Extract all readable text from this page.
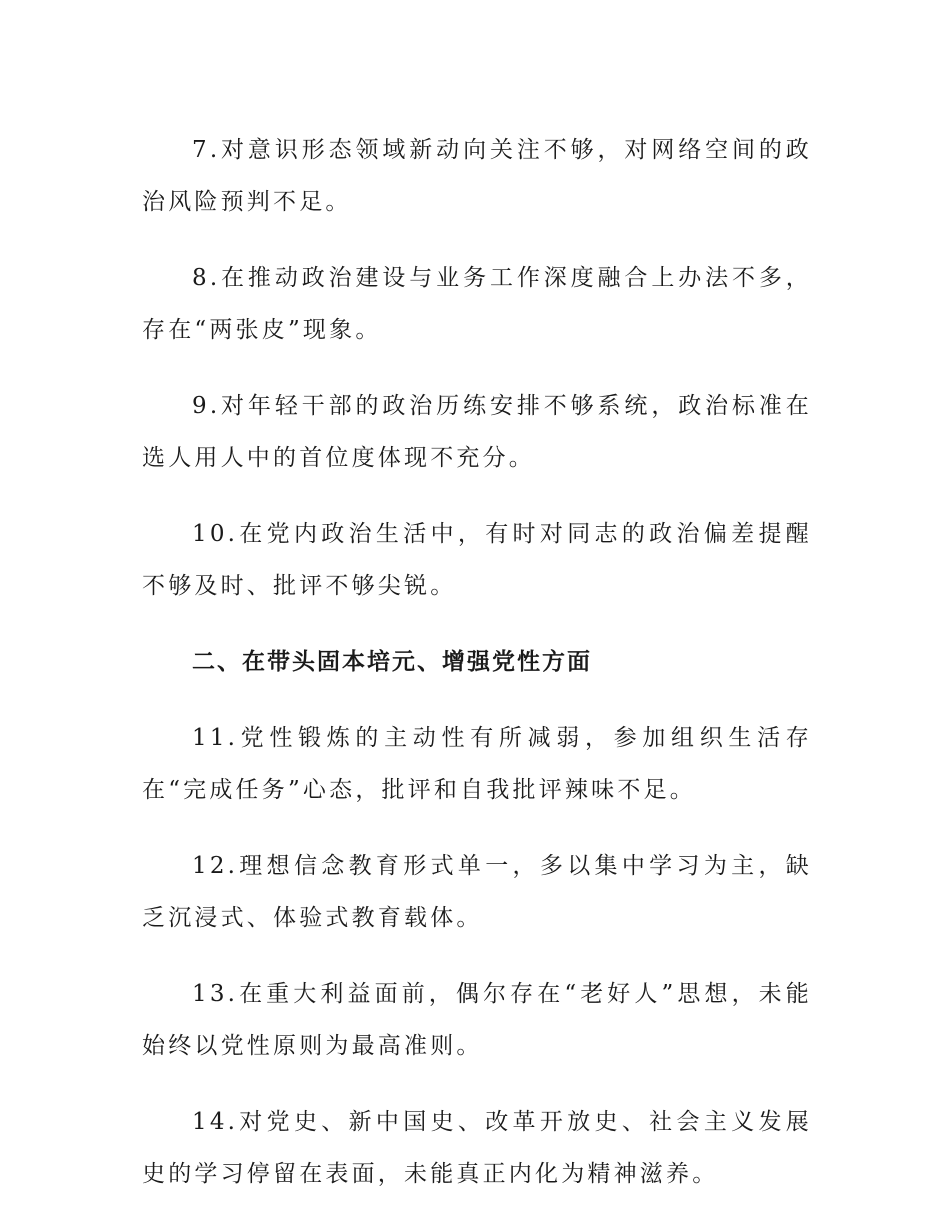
7.对意识形态领域新动向关注不够，对网络空间的政治风险预判不足。

8.在推动政治建设与业务工作深度融合上办法不多，存在“两张皮”现象。

9.对年轻干部的政治历练安排不够系统，政治标准在选人用人中的首位度体现不充分。

10.在党内政治生活中，有时对同志的政治偏差提醒不够及时、批评不够尖锐。

二、在带头固本培元、增强党性方面

11.党性锻炼的主动性有所减弱，参加组织生活存在“完成任务”心态，批评和自我批评辣味不足。

12.理想信念教育形式单一，多以集中学习为主，缺乏沉浸式、体验式教育载体。

13.在重大利益面前，偶尔存在“老好人”思想，未能始终以党性原则为最高准则。

14.对党史、新中国史、改革开放史、社会主义发展史的学习停留在表面，未能真正内化为精神滋养。
